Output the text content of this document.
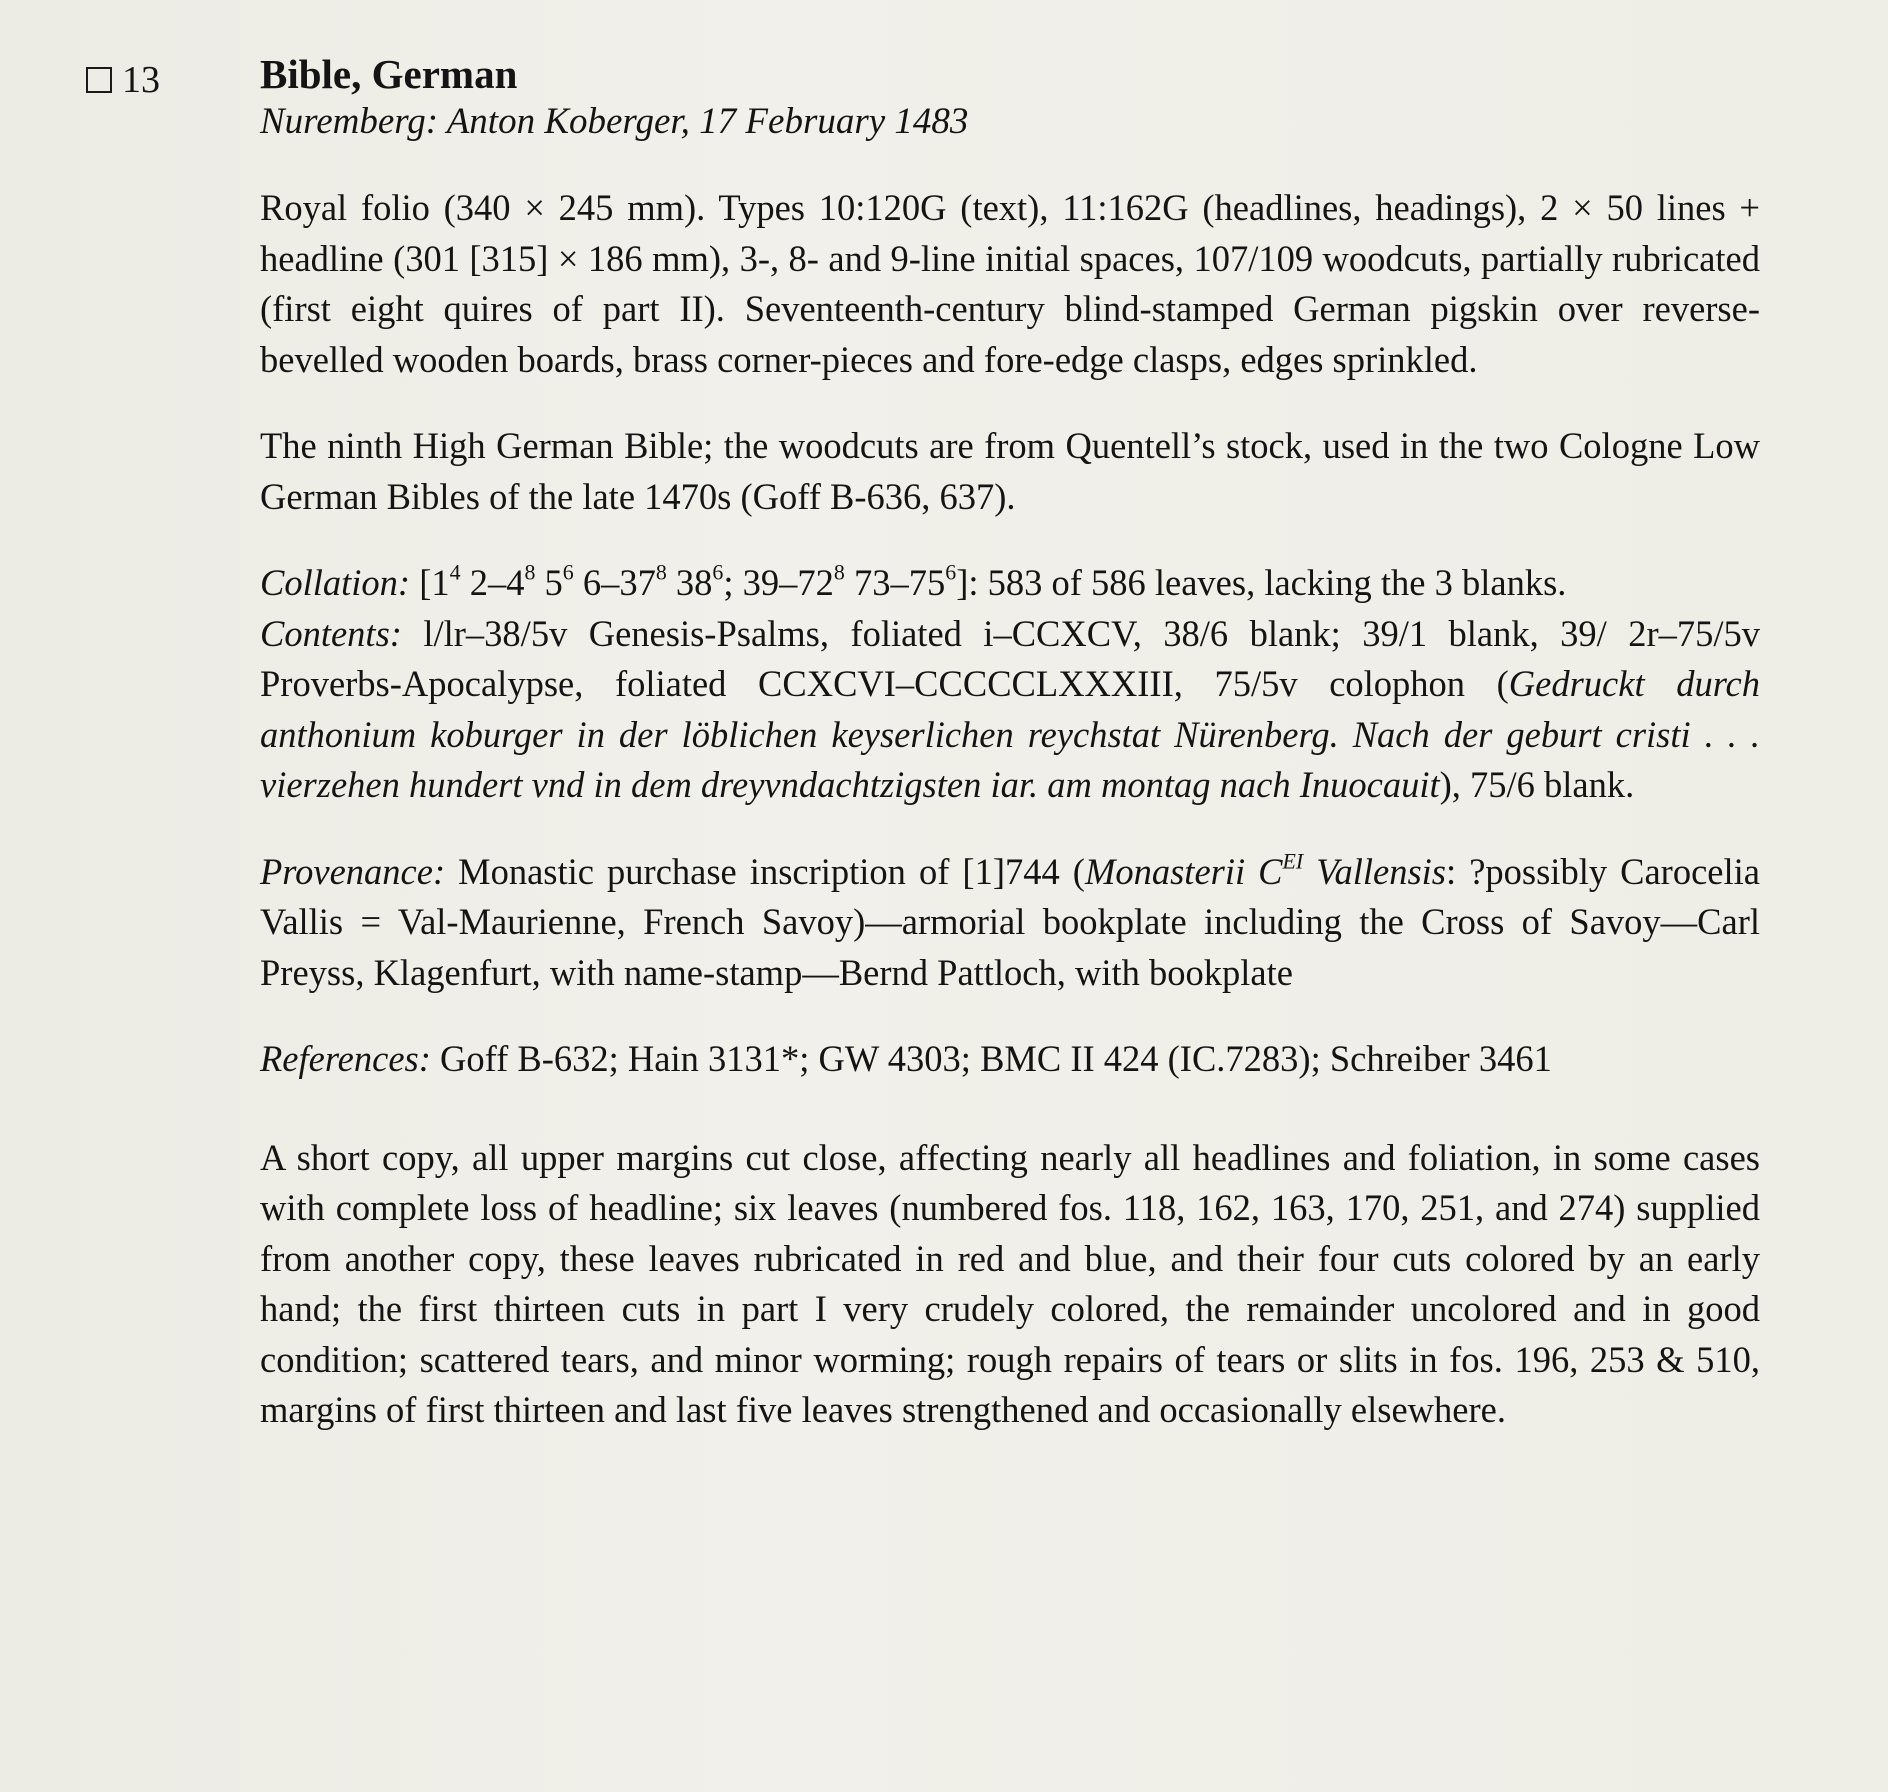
13 Bible, German
Nuremberg: Anton Koberger, 17 February 1483

Royal folio (340 × 245 mm). Types 10:120G (text), 11:162G (headlines, headings), 2 × 50 lines + headline (301 [315] × 186 mm), 3-, 8- and 9-line initial spaces, 107/109 woodcuts, partially rubricated (first eight quires of part II). Seventeenth-century blind-stamped German pigskin over reverse-bevelled wooden boards, brass corner-pieces and fore-edge clasps, edges sprinkled.

The ninth High German Bible; the woodcuts are from Quentell’s stock, used in the two Cologne Low German Bibles of the late 1470s (Goff B-636, 637).

Collation: [$1^4$ $2-4^8$ $5^6$ $6-37^8$ $38^6$; $39-72^8$ $73-75^6$]: 583 of 586 leaves, lacking the 3 blanks.

Contents: l/lr–38/5v Genesis-Psalms, foliated i–CCXCV, 38/6 blank; 39/1 blank, 39/ 2r–75/5v Proverbs-Apocalypse, foliated CCXCVI–CCCCCLXXXIII, 75/5v colophon (Gedruckt durch anthonium koburger in der löblichen keyserlichen reychstat Nürenberg. Nach der geburt cristi . . . vierzehen hundert vnd in dem dreyvndachtzigsten iar. am montag nach Inuocauit), 75/6 blank.

Provenance: Monastic purchase inscription of [1]744 (Monasterii $C^{EI}$ Vallensis: ?possibly Carocelia Vallis = Val-Maurienne, French Savoy)—armorial bookplate including the Cross of Savoy—Carl Preyss, Klagenfurt, with name-stamp—Bernd Pattloch, with bookplate

References: Goff B-632; Hain 3131*; GW 4303; BMC II 424 (IC.7283); Schreiber 3461

A short copy, all upper margins cut close, affecting nearly all headlines and foliation, in some cases with complete loss of headline; six leaves (numbered fos. 118, 162, 163, 170, 251, and 274) supplied from another copy, these leaves rubricated in red and blue, and their four cuts colored by an early hand; the first thirteen cuts in part I very crudely colored, the remainder uncolored and in good condition; scattered tears, and minor worming; rough repairs of tears or slits in fos. 196, 253 & 510, margins of first thirteen and last five leaves strengthened and occasionally elsewhere.
